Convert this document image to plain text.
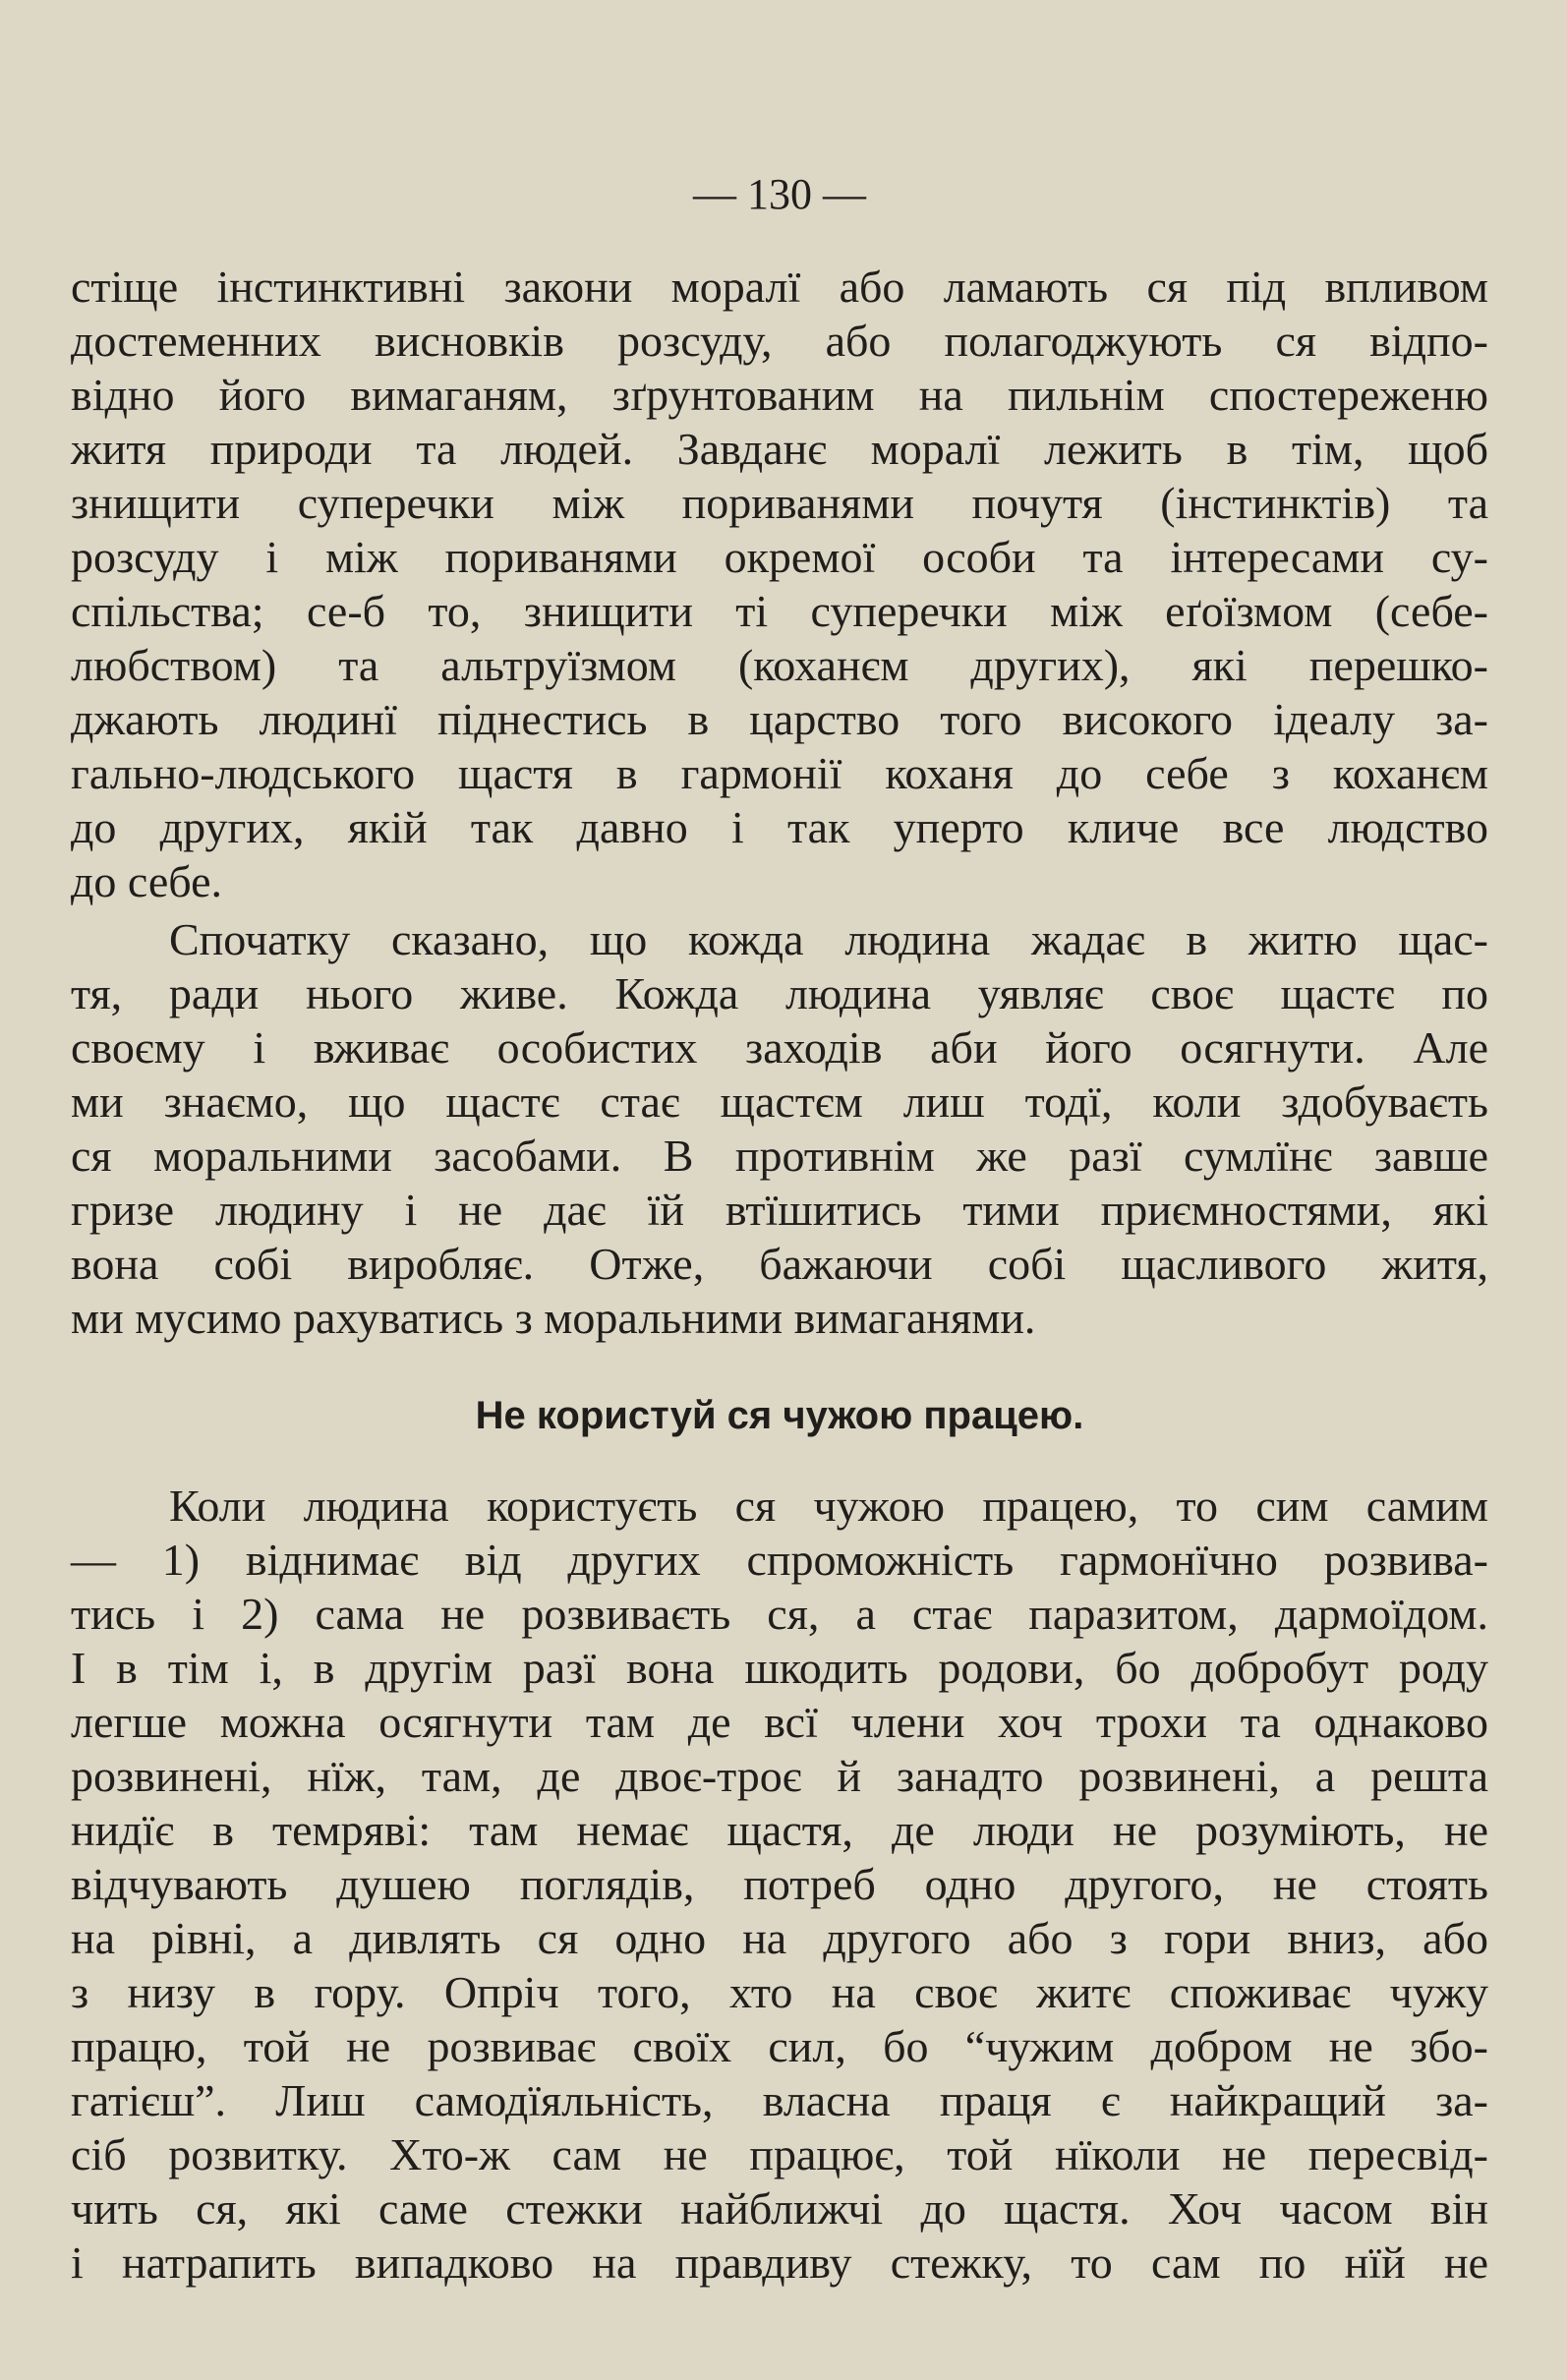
— 130 —
стіще інстинктивні закони моралї або ламають ся під впливом
достеменних висновків розсуду, або полагоджують ся відпо-
відно його вимаганям, зґрунтованим на пильнім спостереженю
житя природи та людей. Завданє моралї лежить в тім, щоб
знищити суперечки між пориванями почутя (інстинктів) та
розсуду і між пориванями окремої особи та інтересами су-
спільства; се-б то, знищити ті суперечки між еґоїзмом (себе-
любством) та альтруїзмом (коханєм других), які перешко-
джають людинї піднестись в царство того високого ідеалу за-
гально-людського щастя в гармонії коханя до себе з коханєм
до других, якій так давно і так уперто кличе все людство
до себе.
Спочатку сказано, що кожда людина жадає в житю щас-
тя, ради нього живе. Кожда людина уявляє своє щастє по
своєму і вживає особистих заходів аби його осягнути. Але
ми знаємо, що щастє стає щастєм лиш тодї, коли здобуваєть
ся моральними засобами. В противнім же разї сумлїнє завше
гризе людину і не дає їй втїшитись тими приємностями, які
вона собі виробляє. Отже, бажаючи собі щасливого житя,
ми мусимо рахуватись з моральними вимаганями.
Не користуй ся чужою працею.
Коли людина користуєть ся чужою працею, то сим самим
— 1) віднимає від других спроможність гармонїчно розвива-
тись і 2) сама не розвиваєть ся, а стає паразитом, дармоїдом.
І в тім і, в другім разї вона шкодить родови, бо добробут роду
легше можна осягнути там де всї члени хоч трохи та однаково
розвинені, нїж, там, де двоє-троє й занадто розвинені, а решта
нидїє в темряві: там немає щастя, де люди не розуміють, не
відчувають душею поглядів, потреб одно другого, не стоять
на рівні, а дивлять ся одно на другого або з гори вниз, або
з низу в гору. Опріч того, хто на своє житє споживає чужу
працю, той не розвиває своїх сил, бо “чужим добром не збо-
гатієш”. Лиш самодїяльність, власна праця є найкращий за-
сіб розвитку. Хто-ж сам не працює, той нїколи не пересвід-
чить ся, які саме стежки найближчі до щастя. Хоч часом він
і натрапить випадково на правдиву стежку, то сам по нїй не
